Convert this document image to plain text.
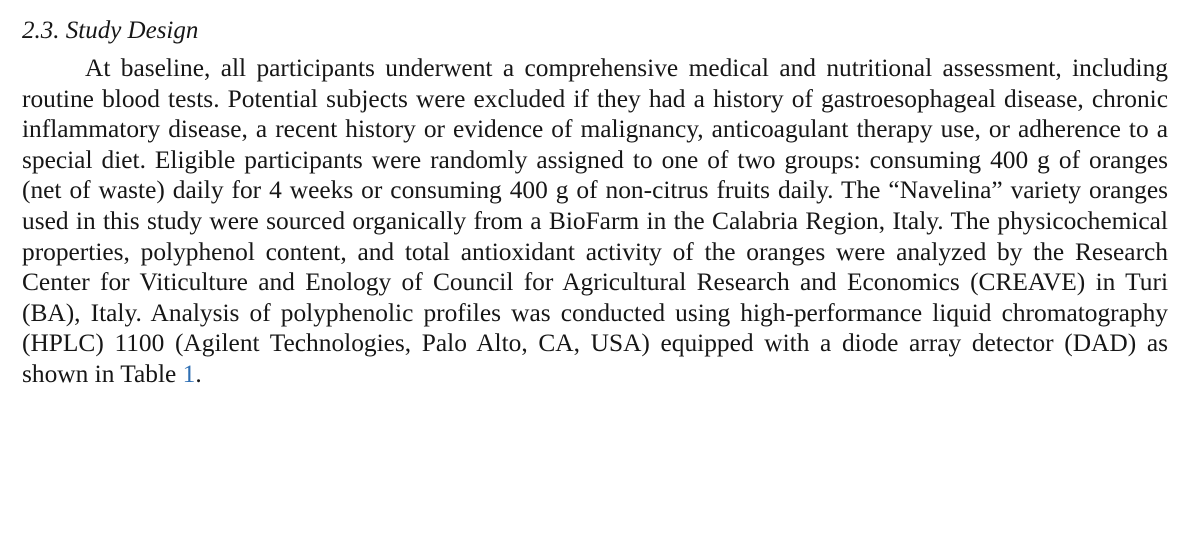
2.3. Study Design

At baseline, all participants underwent a comprehensive medical and nutritional assessment, including routine blood tests. Potential subjects were excluded if they had a history of gastroesophageal disease, chronic inflammatory disease, a recent history or evidence of malignancy, anticoagulant therapy use, or adherence to a special diet. Eligible participants were randomly assigned to one of two groups: consuming 400 g of oranges (net of waste) daily for 4 weeks or consuming 400 g of non-citrus fruits daily. The “Navelina” variety oranges used in this study were sourced organically from a BioFarm in the Calabria Region, Italy. The physicochemical properties, polyphenol content, and total antioxidant activity of the oranges were analyzed by the Research Center for Viticulture and Enology of Council for Agricultural Research and Economics (CREAVE) in Turi (BA), Italy. Analysis of polyphenolic profiles was conducted using high-performance liquid chromatography (HPLC) 1100 (Agilent Technologies, Palo Alto, CA, USA) equipped with a diode array detector (DAD) as shown in Table 1.
